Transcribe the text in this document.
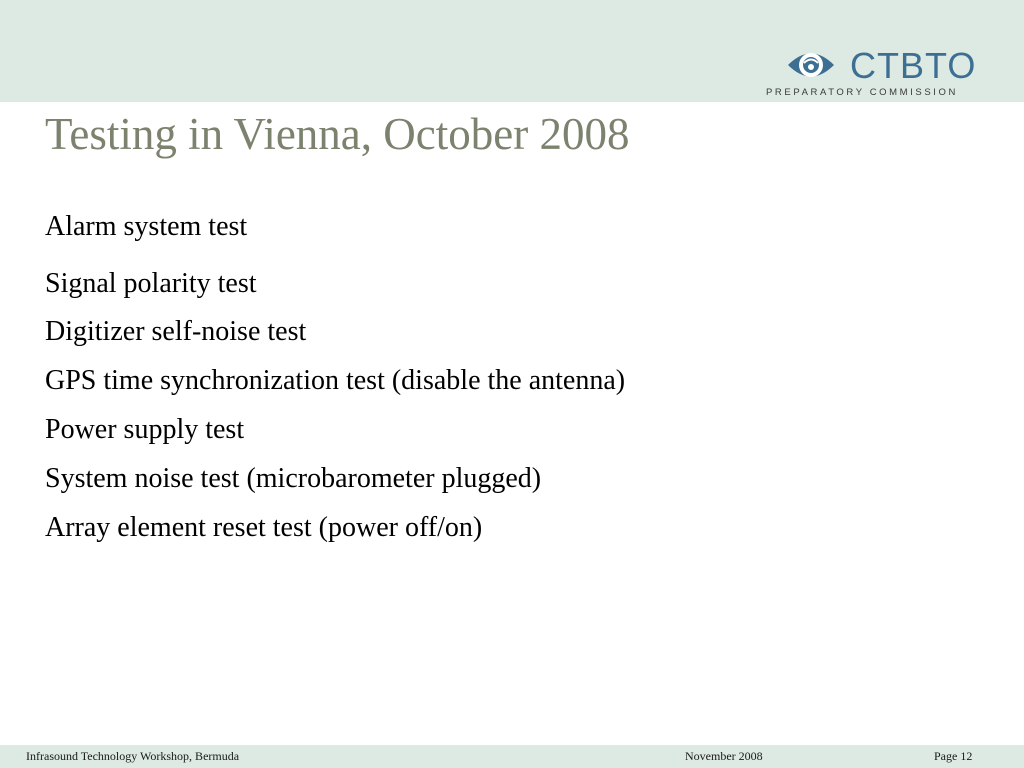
CTBTO
PREPARATORY COMMISSION
Testing in Vienna, October 2008
Alarm system test
Signal polarity test
Digitizer self-noise test
GPS time synchronization test (disable the antenna)
Power supply test
System noise test (microbarometer plugged)
Array element reset test (power off/on)
Infrasound Technology Workshop, Bermuda	November 2008	Page 12
